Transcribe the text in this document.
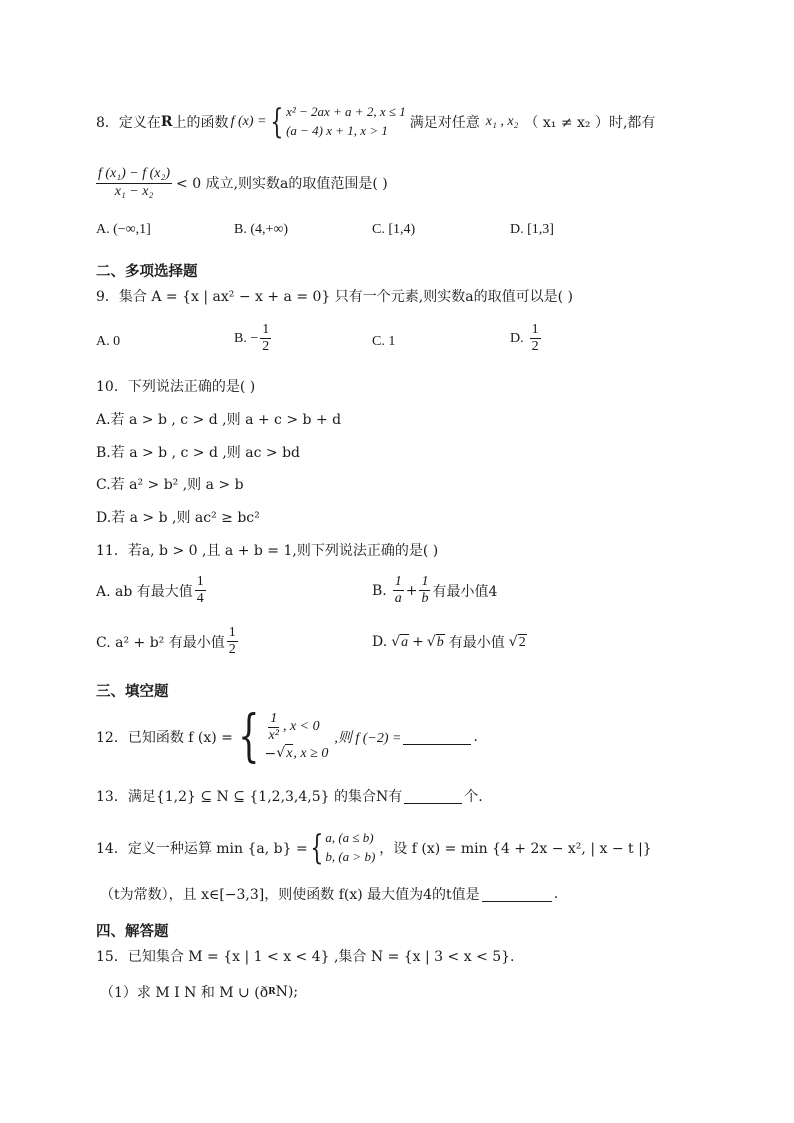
8． 定义在 R 上的函数 f (x) = { x² − 2ax + a + 2, x ≤ 1
(a − 4) x + 1, x > 1	满足对任意 x₁ , x₂ （ x₁ ≠ x₂ ）时,都有
$\frac{\text{f (x₁) − f (x₂)}}{\text{x₁ − x₂}} < 0$ 成立,则实数a的取值范围是( )
A. (−∞,1]	B. (4,+∞)	C. [1,4)	D. [1,3]
二、多项选择题
9．集合 A = {x | ax² − x + a = 0} 只有一个元素,则实数a的取值可以是( )
A. 0	B. − $\frac{1}{2}$	C. 1	D. $\frac{1}{2}$
10．下列说法正确的是( )
A.若 a > b , c > d ,则 a + c > b + d
B.若 a > b , c > d ,则 ac > bd
C.若 a² > b² ,则 a > b
D.若 a > b ,则 ac² ≥ bc²
11．若a, b > 0 ,且 a + b = 1,则下列说法正确的是( )
A. ab 有最大值 $\frac{1}{4}$	B. $\frac{1}{a} + \frac{1}{b}$ 有最小值4
C. a² + b² 有最小值 $\frac{1}{2}$	D. √a + √b 有最小值 √2
三、填空题
12．已知函数 f (x) = { $\frac{1}{\text{x²}}$ , x < 0
− √x , x ≥ 0
,则 f (−2) =	.
13．满足{1,2} ⊆ N ⊆ {1,2,3,4,5} 的集合N有	个.
14．定义一种运算 min {a, b} = { a, (a ≤ b)
b, (a > b) ，设 f (x) = min {4 + 2x − x², | x − t |}
（t为常数），且 x∈[−3,3]，则使函数 f(x) 最大值为4的t值是	.
四、解答题
15．已知集合 M = {x | 1 < x < 4} ,集合 N = {x | 3 < x < 5}.
（1）求 M I N 和 M ∪ (ð R N);
